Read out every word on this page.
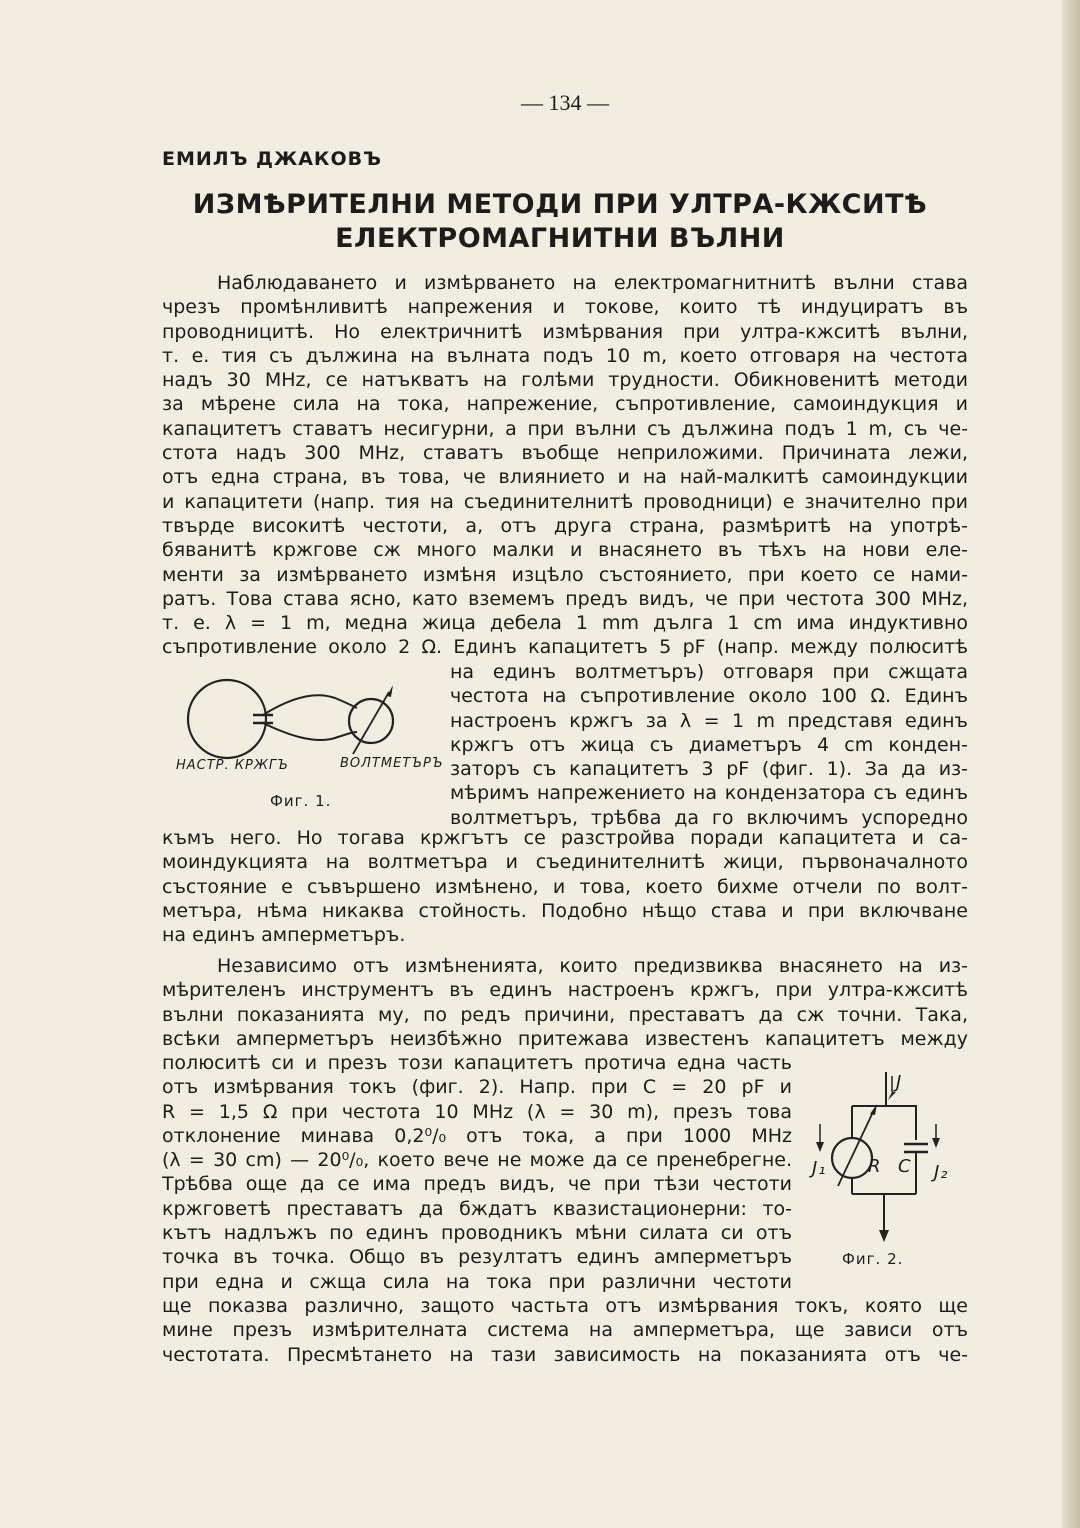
— 134 —
ЕМИЛЪ ДЖАКОВЪ
ИЗМѢРИТЕЛНИ МЕТОДИ ПРИ УЛТРА-КЖСИТѢ
ЕЛЕКТРОМАГНИТНИ ВЪЛНИ
Наблюдаването и измѣрването на електромагнитнитѣ вълни става
чрезъ промѣнливитѣ напрежения и токове, които тѣ индуциратъ въ
проводницитѣ. Но електричнитѣ измѣрвания при ултра-кжситѣ вълни,
т. е. тия съ дължина на вълната подъ 10 m, което отговаря на честота
надъ 30 MHz, се натъкватъ на голѣми трудности. Обикновенитѣ методи
за мѣрене сила на тока, напрежение, съпротивление, самоиндукция и
капацитетъ ставатъ несигурни, а при вълни съ дължина подъ 1 m, съ че-
стота надъ 300 MHz, ставатъ въобще неприложими. Причината лежи,
отъ една страна, въ това, че влиянието и на най-малкитѣ самоиндукции
и капацитети (напр. тия на съединителнитѣ проводници) е значително при
твърде високитѣ честоти, а, отъ друга страна, размѣритѣ на употрѣ-
бяванитѣ кржгове сж много малки и внасянето въ тѣхъ на нови еле-
менти за измѣрването измѣня изцѣло състоянието, при което се нами-
ратъ. Това става ясно, като вземемъ предъ видъ, че при честота 300 MHz,
т. е. λ = 1 m, медна жица дебела 1 mm дълга 1 cm има индуктивно
съпротивление около 2 Ω. Единъ капацитетъ 5 pF (напр. между полюситѣ
на единъ волтметъръ) отговаря при сжщата
честота на съпротивление около 100 Ω. Единъ
настроенъ кржгъ за λ = 1 m представя единъ
кржгъ отъ жица съ диаметъръ 4 cm конден-
заторъ съ капацитетъ 3 pF (фиг. 1). За да из-
мѣримъ напрежението на кондензатора съ единъ
волтметъръ, трѣбва да го включимъ успоредно
къмъ него. Но тогава кржгътъ се разстройва поради капацитета и са-
моиндукцията на волтметъра и съединителнитѣ жици, първоначалното
състояние е съвършено измѣнено, и това, което бихме отчели по волт-
метъра, нѣма никаква стойность. Подобно нѣщо става и при включване
на единъ амперметъръ.
Независимо отъ измѣненията, които предизвиква внасянето на из-
мѣрителенъ инструментъ въ единъ настроенъ кржгъ, при ултра-кжситѣ
вълни показанията му, по редъ причини, преставатъ да сж точни. Така,
всѣки амперметъръ неизбѣжно притежава известенъ капацитетъ между
полюситѣ си и презъ този капацитетъ протича една часть
отъ измѣрвания токъ (фиг. 2). Напр. при C = 20 pF и
R = 1,5 Ω при честота 10 MHz (λ = 30 m), презъ това
отклонение минава 0,2⁰/₀ отъ тока, а при 1000 MHz
(λ = 30 cm) — 20⁰/₀, което вече не може да се пренебрегне.
Трѣбва още да се има предъ видъ, че при тѣзи честоти
кржговетѣ преставатъ да бждатъ квазистационерни: то-
кътъ надлъжъ по единъ проводникъ мѣни силата си отъ
точка въ точка. Общо въ резултатъ единъ амперметъръ
при една и сжща сила на тока при различни честоти
ще показва различно, защото частьта отъ измѣрвания токъ, която ще
мине презъ измѣрителната система на амперметъра, ще зависи отъ
честотата. Пресмѣтането на тази зависимость на показанията отъ че-
НАСТР. КРЖГЪ	ВОЛТМЕТЪРЪ
Фиг. 1.
J
J₁ R C J₂
Фиг. 2.
